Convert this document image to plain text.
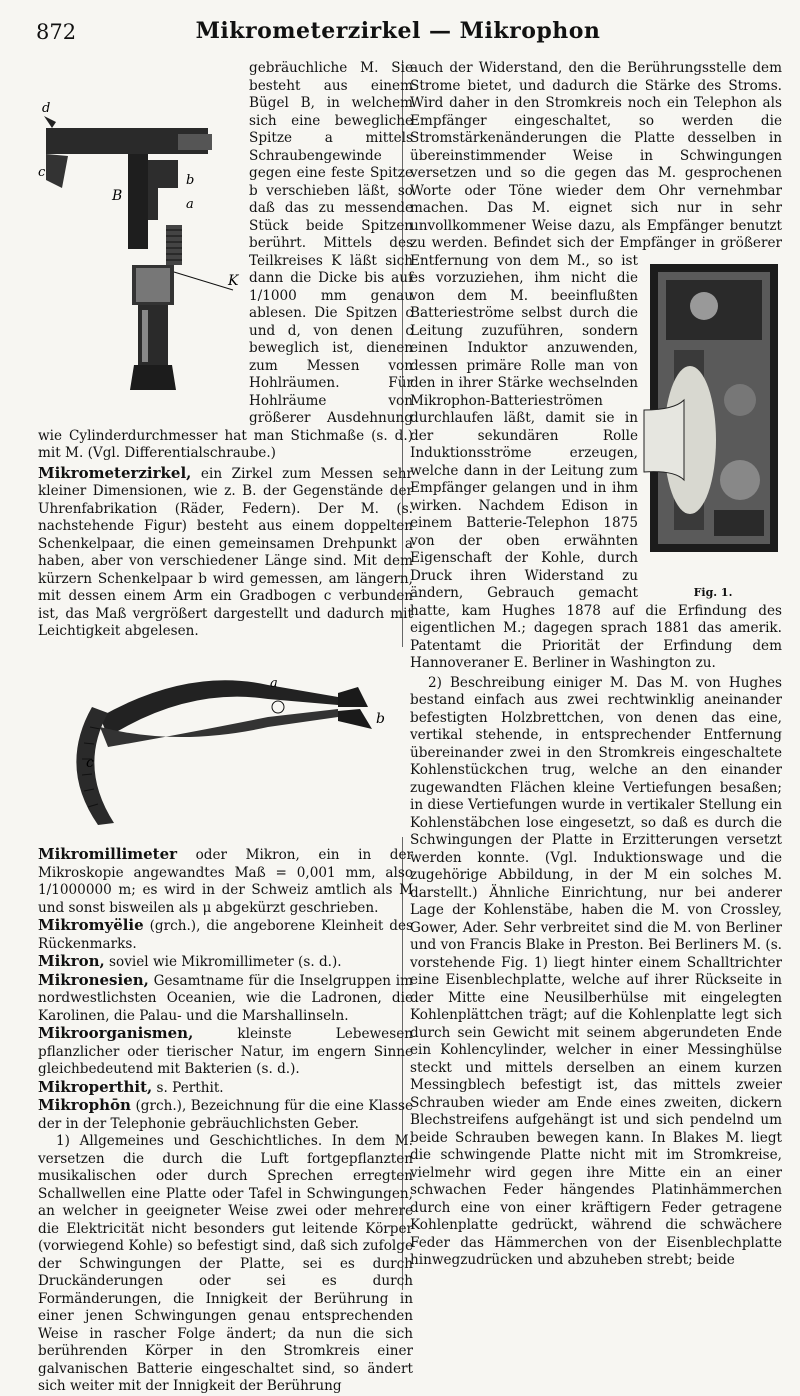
872	Mikrometerzirkel — Mikrophon
d
c
b
a
B
K

gebräuchliche M. Sie besteht aus einem Bügel B, in welchem sich eine bewegliche Spitze a mittels Schraubengewinde gegen eine feste Spitze b verschieben läßt, so daß das zu messende Stück beide Spitzen berührt. Mittels des Teilkreises K läßt sich dann die Dicke bis auf 1/1000 mm genau ablesen. Die Spitzen c und d, von denen c beweglich ist, dienen zum Messen von Hohlräumen. Für Hohlräume von größerer Ausdehnung wie Cylinderdurchmesser hat man Stichmaße (s. d.) mit M. (Vgl. Differentialschraube.)

Mikrometerzirkel, ein Zirkel zum Messen sehr kleiner Dimensionen, wie z. B. der Gegenstände der Uhrenfabrikation (Räder, Federn). Der M. (s. nachstehende Figur) besteht aus einem doppelten Schenkelpaar, die einen gemeinsamen Drehpunkt a haben, aber von verschiedener Länge sind. Mit dem kürzern Schenkelpaar b wird gemessen, am längern, mit dessen einem Arm ein Gradbogen c verbunden ist, das Maß vergrößert dargestellt und dadurch mit Leichtigkeit abgelesen.

a
c
b

Mikromillimeter oder Mikron, ein in der Mikroskopie angewandtes Maß = 0,001 mm, also 1/1000000 m; es wird in der Schweiz amtlich als M und sonst bisweilen als μ abgekürzt geschrieben.

Mikromyëlie (grch.), die angeborene Kleinheit des Rückenmarks.

Mikron, soviel wie Mikromillimeter (s. d.).

Mikronesien, Gesamtname für die Inselgruppen im nordwestlichsten Oceanien, wie die Ladronen, die Karolinen, die Palau- und die Marshallinseln.

Mikroorganismen, kleinste Lebewesen pflanzlicher oder tierischer Natur, im engern Sinne gleichbedeutend mit Bakterien (s. d.).

Mikroperthit, s. Perthit.

Mikrophōn (grch.), Bezeichnung für die eine Klasse der in der Telephonie gebräuchlichsten Geber.

1) Allgemeines und Geschichtliches. In dem M. versetzen die durch die Luft fortgepflanzten musikalischen oder durch Sprechen erregten Schallwellen eine Platte oder Tafel in Schwingungen, an welcher in geeigneter Weise zwei oder mehrere die Elektricität nicht besonders gut leitende Körper (vorwiegend Kohle) so befestigt sind, daß sich zufolge der Schwingungen der Platte, sei es durch Druckänderungen oder sei es durch Formänderungen, die Innigkeit der Berührung in einer jenen Schwingungen genau entsprechenden Weise in rascher Folge ändert; da nun die sich berührenden Körper in den Stromkreis einer galvanischen Batterie eingeschaltet sind, so ändert sich weiter mit der Innigkeit der Berührung

Fig. 1.

auch der Widerstand, den die Berührungsstelle dem Strome bietet, und dadurch die Stärke des Stroms. Wird daher in den Stromkreis noch ein Telephon als Empfänger eingeschaltet, so werden die Stromstärkenänderungen die Platte desselben in übereinstimmender Weise in Schwingungen versetzen und so die gegen das M. gesprochenen Worte oder Töne wieder dem Ohr vernehmbar machen. Das M. eignet sich nur in sehr unvollkommener Weise dazu, als Empfänger benutzt zu werden. Befindet sich der Empfänger in größerer Entfernung von dem M., so ist es vorzuziehen, ihm nicht die von dem M. beeinflußten Batterieströme selbst durch die Leitung zuzuführen, sondern einen Induktor anzuwenden, dessen primäre Rolle man von den in ihrer Stärke wechselnden Mikrophon-Batterieströmen durchlaufen läßt, damit sie in der sekundären Rolle Induktionsströme erzeugen, welche dann in der Leitung zum Empfänger gelangen und in ihm wirken. Nachdem Edison in einem Batterie-Telephon 1875 von der oben erwähnten Eigenschaft der Kohle, durch Druck ihren Widerstand zu ändern, Gebrauch gemacht hatte, kam Hughes 1878 auf die Erfindung des eigentlichen M.; dagegen sprach 1881 das amerik. Patentamt die Priorität der Erfindung dem Hannoveraner E. Berliner in Washington zu.

2) Beschreibung einiger M. Das M. von Hughes bestand einfach aus zwei rechtwinklig aneinander befestigten Holzbrettchen, von denen das eine, vertikal stehende, in entsprechender Entfernung übereinander zwei in den Stromkreis eingeschaltete Kohlenstückchen trug, welche an den einander zugewandten Flächen kleine Vertiefungen besaßen; in diese Vertiefungen wurde in vertikaler Stellung ein Kohlenstäbchen lose eingesetzt, so daß es durch die Schwingungen der Platte in Erzitterungen versetzt werden konnte. (Vgl. Induktionswage und die zugehörige Abbildung, in der M ein solches M. darstellt.) Ähnliche Einrichtung, nur bei anderer Lage der Kohlenstäbe, haben die M. von Crossley, Gower, Ader. Sehr verbreitet sind die M. von Berliner und von Francis Blake in Preston. Bei Berliners M. (s. vorstehende Fig. 1) liegt hinter einem Schalltrichter eine Eisenblechplatte, welche auf ihrer Rückseite in der Mitte eine Neusilberhülse mit eingelegten Kohlenplättchen trägt; auf die Kohlenplatte legt sich durch sein Gewicht mit seinem abgerundeten Ende ein Kohlencylinder, welcher in einer Messinghülse steckt und mittels derselben an einem kurzen Messingblech befestigt ist, das mittels zweier Schrauben wieder am Ende eines zweiten, dickern Blechstreifens aufgehängt ist und sich pendelnd um beide Schrauben bewegen kann. In Blakes M. liegt die schwingende Platte nicht mit im Stromkreise, vielmehr wird gegen ihre Mitte ein an einer schwachen Feder hängendes Platinhämmerchen durch eine von einer kräftigern Feder getragene Kohlenplatte gedrückt, während die schwächere Feder das Hämmerchen von der Eisenblechplatte hinwegzudrücken und abzuheben strebt; beide
